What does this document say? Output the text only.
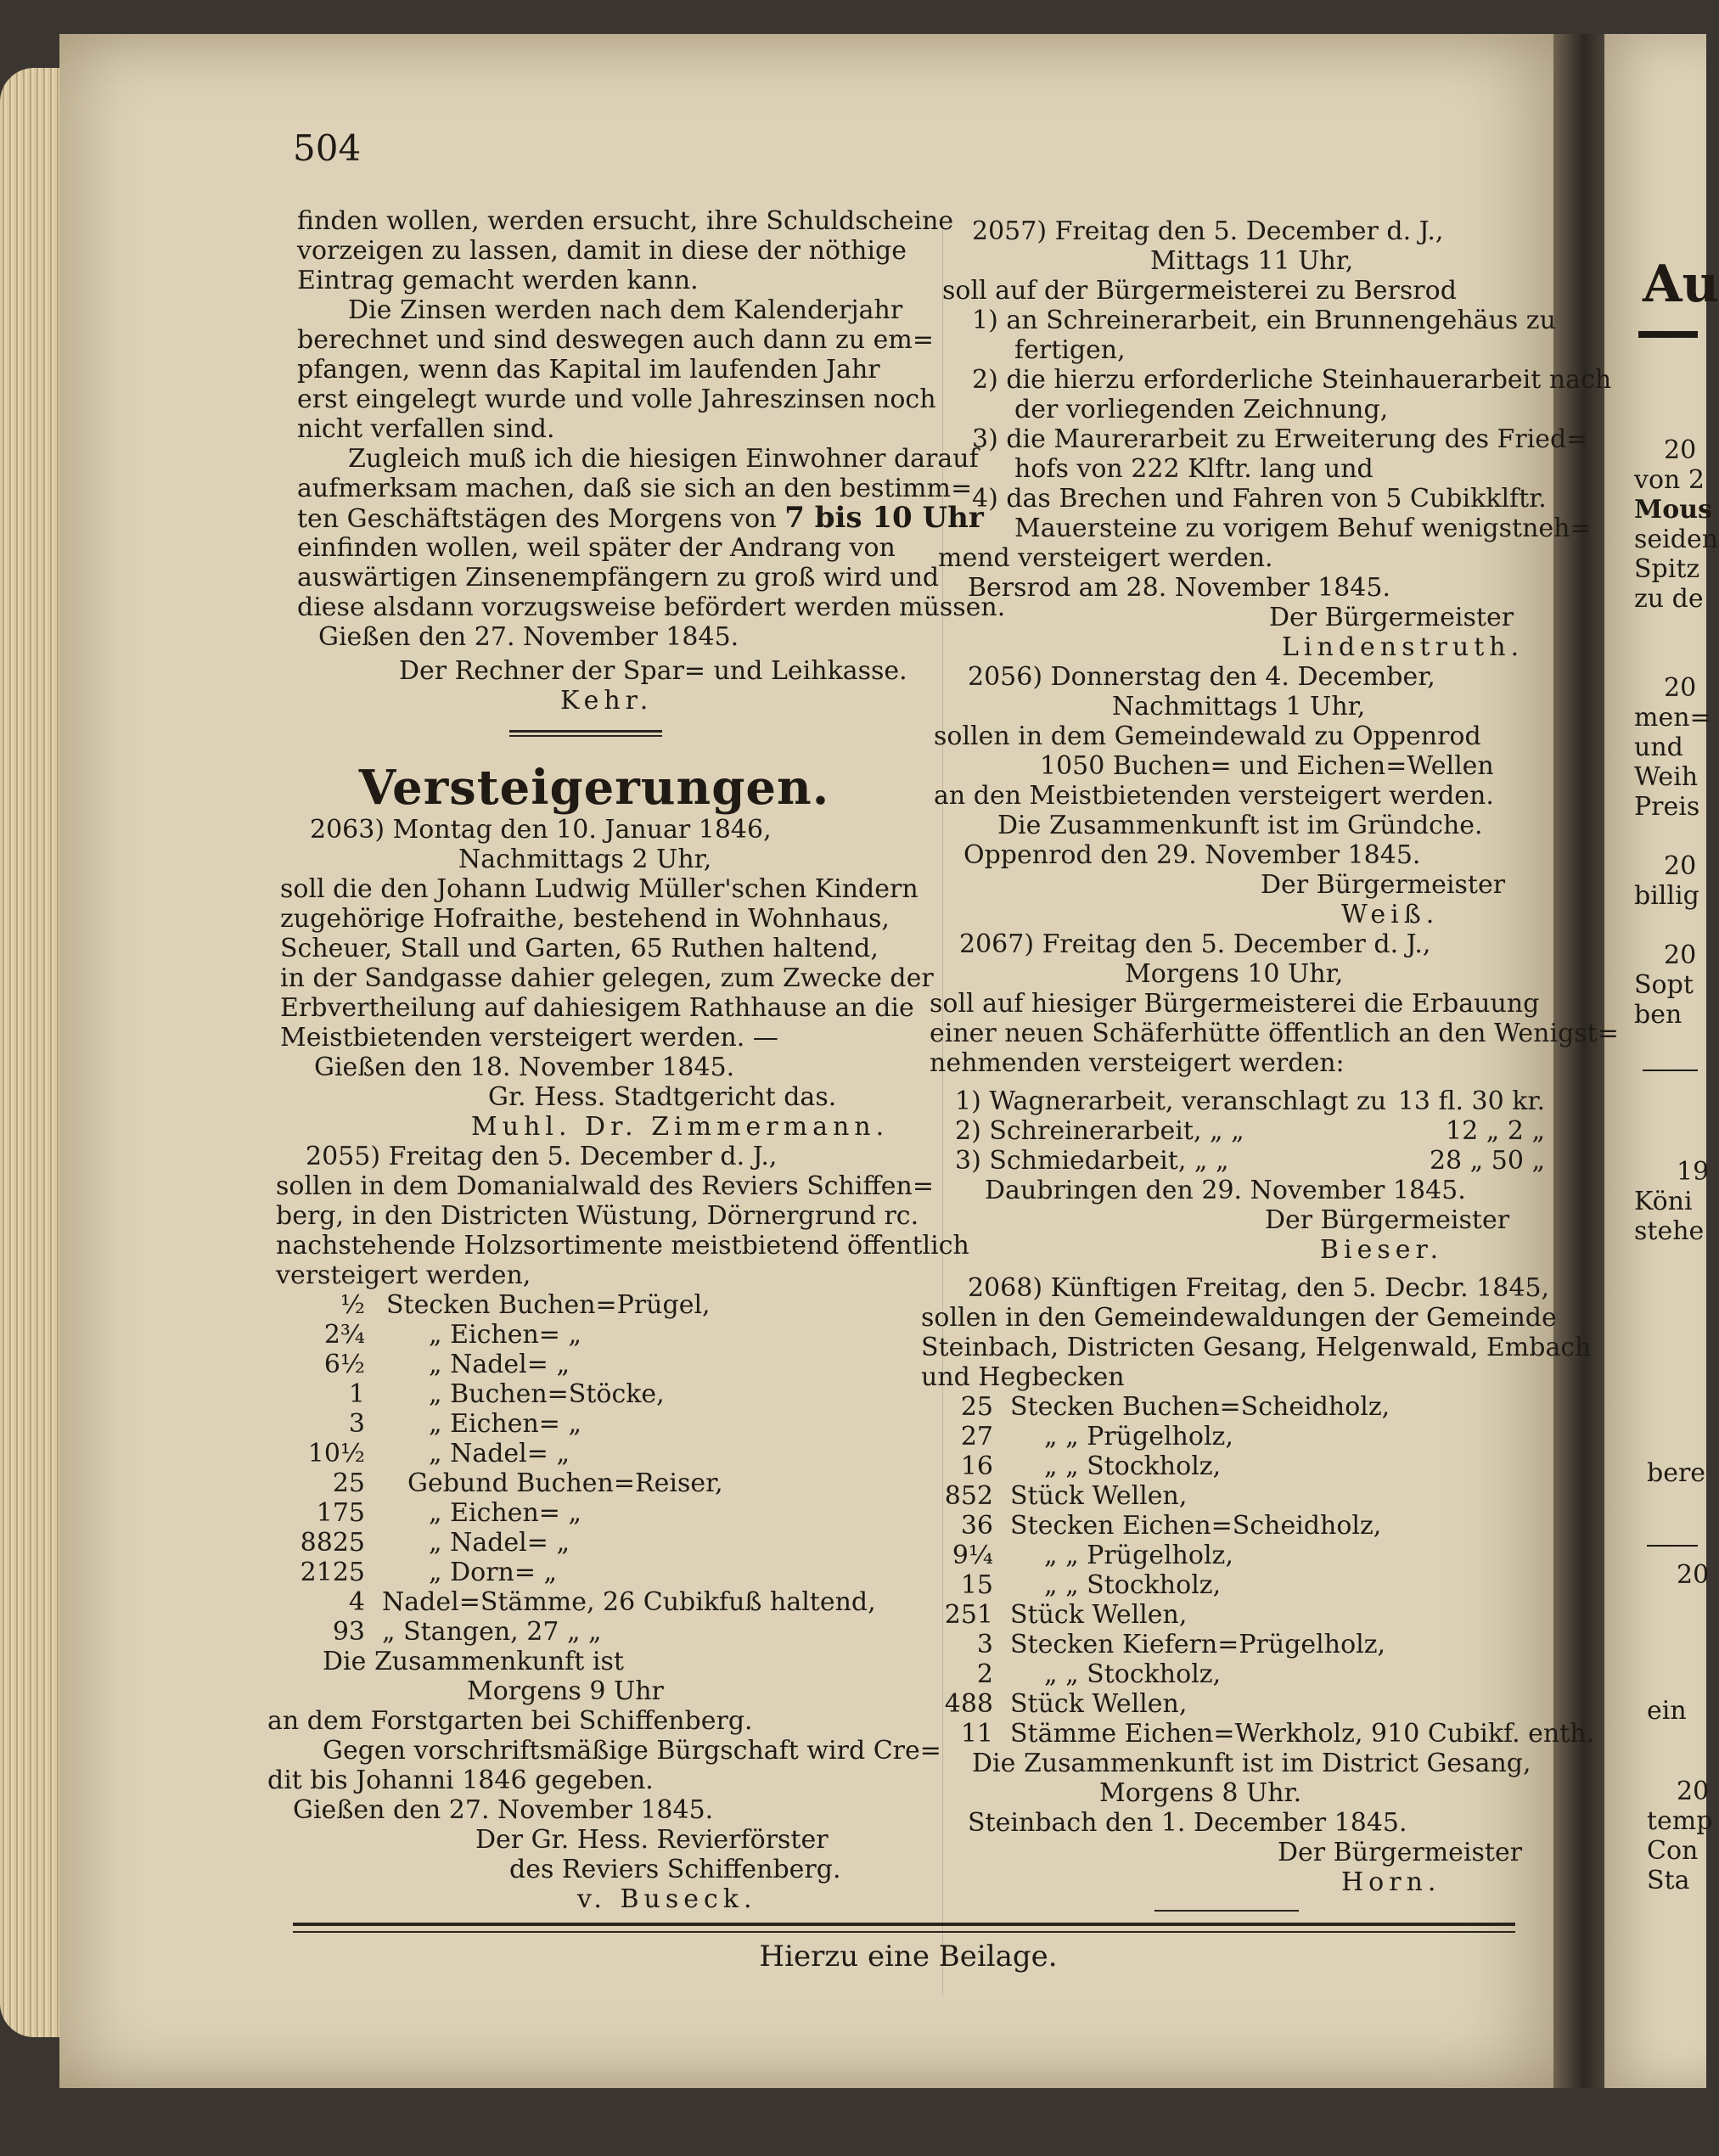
504
finden wollen, werden ersucht, ihre Schuldscheine
vorzeigen zu lassen, damit in diese der nöthige
Eintrag gemacht werden kann.
Die Zinsen werden nach dem Kalenderjahr
berechnet und sind deswegen auch dann zu em=
pfangen, wenn das Kapital im laufenden Jahr
erst eingelegt wurde und volle Jahreszinsen noch
nicht verfallen sind.
Zugleich muß ich die hiesigen Einwohner darauf
aufmerksam machen, daß sie sich an den bestimm=
ten Geschäftstägen des Morgens von 7 bis 10 Uhr
einfinden wollen, weil später der Andrang von
auswärtigen Zinsenempfängern zu groß wird und
diese alsdann vorzugsweise befördert werden müssen.
Gießen den 27. November 1845.
Der Rechner der Spar= und Leihkasse.
Kehr.
Versteigerungen.
2063) Montag den 10. Januar 1846,
Nachmittags 2 Uhr,
soll die den Johann Ludwig Müller'schen Kindern
zugehörige Hofraithe, bestehend in Wohnhaus,
Scheuer, Stall und Garten, 65 Ruthen haltend,
in der Sandgasse dahier gelegen, zum Zwecke der
Erbvertheilung auf dahiesigem Rathhause an die
Meistbietenden versteigert werden. —
Gießen den 18. November 1845.
Gr. Hess. Stadtgericht das.
Muhl. Dr. Zimmermann.
2055) Freitag den 5. December d. J.,
sollen in dem Domanialwald des Reviers Schiffen=
berg, in den Districten Wüstung, Dörnergrund rc.
nachstehende Holzsortimente meistbietend öffentlich
versteigert werden,
½ Stecken Buchen=Prügel,
2¾	„ Eichen= „
6½	„ Nadel= „
1	„ Buchen=Stöcke,
3	„ Eichen= „
10½	„ Nadel= „
25 Gebund Buchen=Reiser,
175	„ Eichen= „
8825	„ Nadel= „
2125	„ Dorn= „
4 Nadel=Stämme, 26 Cubikfuß haltend,
93 „ Stangen, 27 „ „
Die Zusammenkunft ist
Morgens 9 Uhr
an dem Forstgarten bei Schiffenberg.
Gegen vorschriftsmäßige Bürgschaft wird Cre=
dit bis Johanni 1846 gegeben.
Gießen den 27. November 1845.
Der Gr. Hess. Revierförster
des Reviers Schiffenberg.
v. Buseck.
2057) Freitag den 5. December d. J.,
Mittags 11 Uhr,
soll auf der Bürgermeisterei zu Bersrod
1) an Schreinerarbeit, ein Brunnengehäus zu
fertigen,
2) die hierzu erforderliche Steinhauerarbeit nach
der vorliegenden Zeichnung,
3) die Maurerarbeit zu Erweiterung des Fried=
hofs von 222 Klftr. lang und
4) das Brechen und Fahren von 5 Cubikklftr.
Mauersteine zu vorigem Behuf wenigstneh=
mend versteigert werden.
Bersrod am 28. November 1845.
Der Bürgermeister
Lindenstruth.
2056) Donnerstag den 4. December,
Nachmittags 1 Uhr,
sollen in dem Gemeindewald zu Oppenrod
1050 Buchen= und Eichen=Wellen
an den Meistbietenden versteigert werden.
Die Zusammenkunft ist im Gründche.
Oppenrod den 29. November 1845.
Der Bürgermeister
Weiß.
2067) Freitag den 5. December d. J.,
Morgens 10 Uhr,
soll auf hiesiger Bürgermeisterei die Erbauung
einer neuen Schäferhütte öffentlich an den Wenigst=
nehmenden versteigert werden:
1) Wagnerarbeit, veranschlagt zu 13 fl. 30 kr.
2) Schreinerarbeit, „ „	12 „ 2 „
3) Schmiedarbeit, „ „	28 „ 50 „
Daubringen den 29. November 1845.
Der Bürgermeister
Bieser.
2068) Künftigen Freitag, den 5. Decbr. 1845,
sollen in den Gemeindewaldungen der Gemeinde
Steinbach, Districten Gesang, Helgenwald, Embach
und Hegbecken
25 Stecken Buchen=Scheidholz,
27 „ „ Prügelholz,
16 „ „ Stockholz,
852 Stück Wellen,
36 Stecken Eichen=Scheidholz,
9¼ „ „ Prügelholz,
15 „ „ Stockholz,
251 Stück Wellen,
3 Stecken Kiefern=Prügelholz,
2 „ „ Stockholz,
488 Stück Wellen,
11 Stämme Eichen=Werkholz, 910 Cubikf. enth.
Die Zusammenkunft ist im District Gesang,
Morgens 8 Uhr.
Steinbach den 1. December 1845.
Der Bürgermeister
Horn.
Hierzu eine Beilage.
Au
20
von 2
Mous
seiden
Spitz
zu de
20
men=
und
Weih
Preis
20
billig
20
Sopt
ben
19
Köni
stehe
bere
20
ein
20
temp
Con
Sta
